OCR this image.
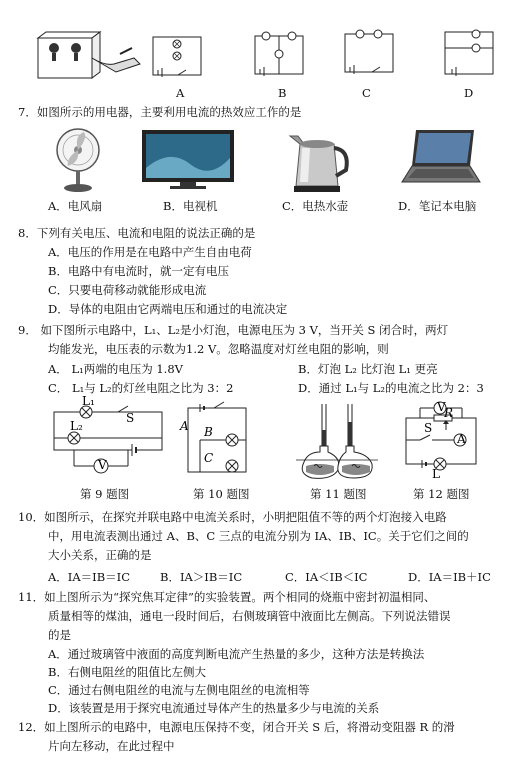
A	B	C	D
7．如图所示的用电器，主要利用电流的热效应工作的是
A．电风扇	B．电视机	C．电热水壶	D．笔记本电脑
8．下列有关电压、电流和电阻的说法正确的是
A．电压的作用是在电路中产生自由电荷
B．电路中有电流时，就一定有电压
C．只要电荷移动就能形成电流
D．导体的电阻由它两端电压和通过的电流决定
9． 如下图所示电路中，L₁、L₂是小灯泡，电源电压为 3 V，当开关 S 闭合时，两灯
均能发光，电压表的示数为1.2 V。忽略温度对灯丝电阻的影响，则
A． L₁两端的电压为 1.8V	B．灯泡 L₂ 比灯泡 L₁ 更亮
C． L₁与 L₂的灯丝电阻之比为 3：2	D．通过 L₁与 L₂的电流之比为 2：3
V
L₁
L₂
S
A B
C
V
A
R
S
L
第 9 题图	第 10 题图	第 11 题图	第 12 题图
10．如图所示，在探究并联电路中电流关系时，小明把阻值不等的两个灯泡接入电路
中，用电流表测出通过 A、B、C 三点的电流分别为 IA、IB、IC。关于它们之间的
大小关系，正确的是
A．IA＝IB＝IC	B．IA＞IB＝IC	C．IA＜IB＜IC	D．IA＝IB＋IC
11．如上图所示为“探究焦耳定律”的实验装置。两个相同的烧瓶中密封初温相同、
质量相等的煤油，通电一段时间后，右侧玻璃管中液面比左侧高。下列说法错误
的是
A．通过玻璃管中液面的高度判断电流产生热量的多少，这种方法是转换法
B．右侧电阻丝的阻值比左侧大
C．通过右侧电阻丝的电流与左侧电阻丝的电流相等
D．该装置是用于探究电流通过导体产生的热量多少与电流的关系
12．如上图所示的电路中，电源电压保持不变，闭合开关 S 后，将滑动变阻器 R 的滑
片向左移动，在此过程中
